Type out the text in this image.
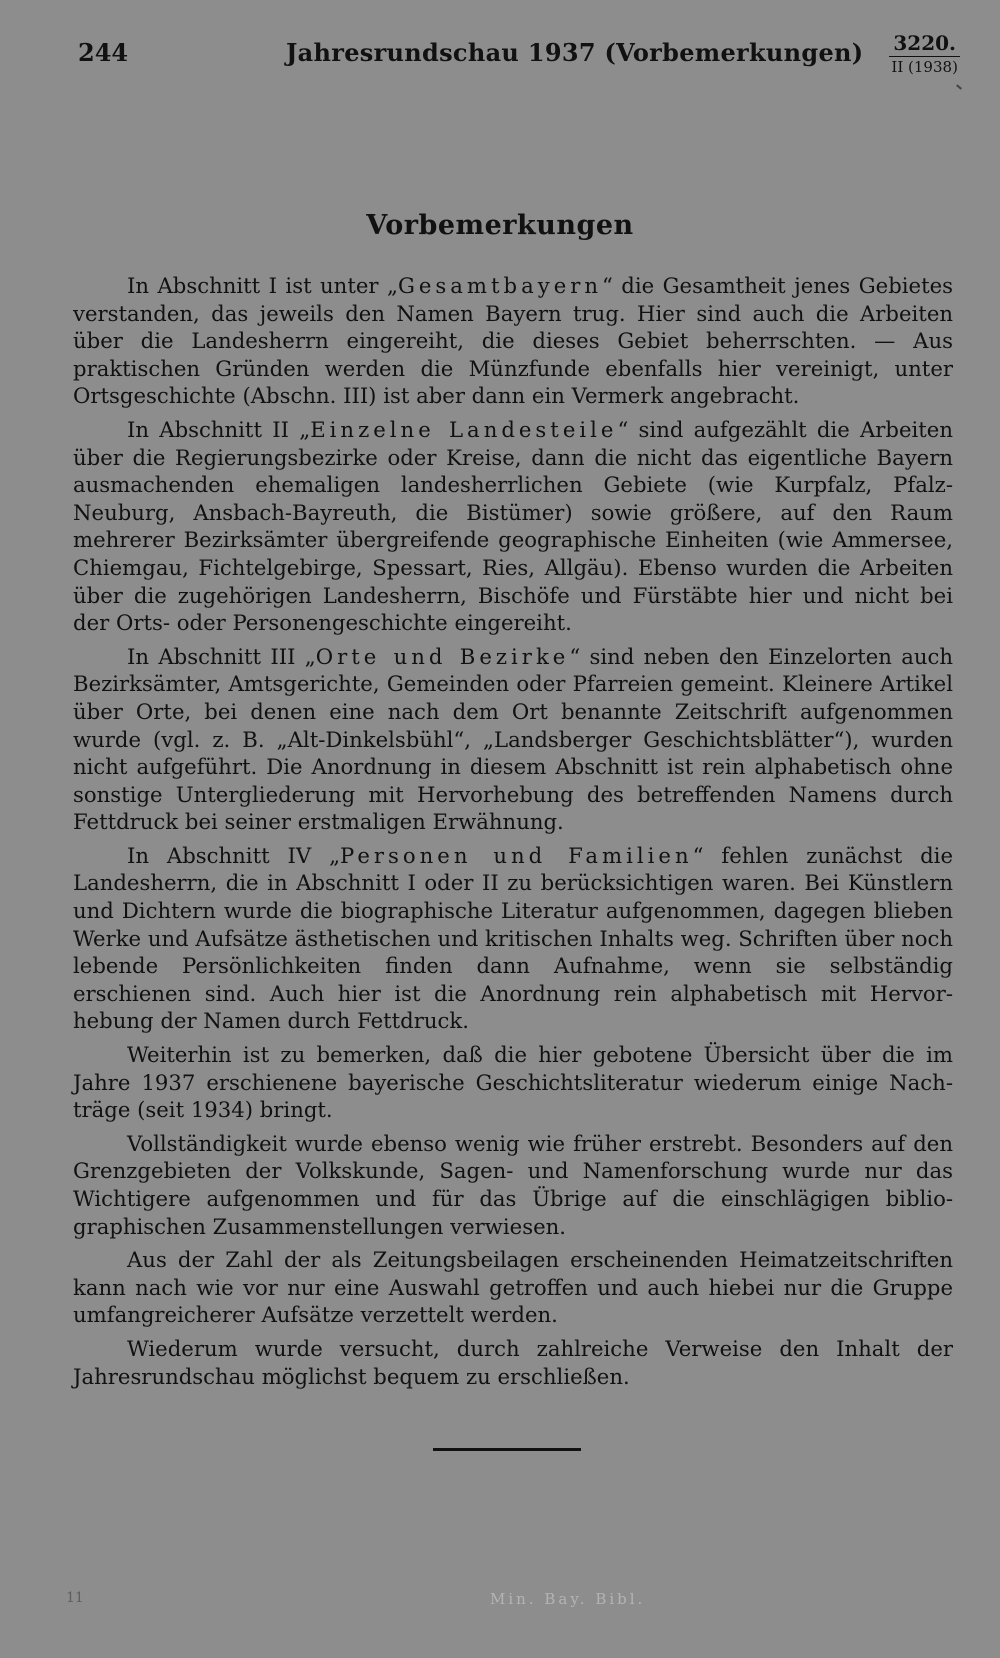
244	Jahresrundschau 1937 (Vorbemerkungen) 3220.
II (1938)
Vorbemerkungen

In Abschnitt I ist unter „Gesamtbayern“ die Gesamtheit jenes Gebietes verstanden, das jeweils den Namen Bayern trug. Hier sind auch die Arbeiten über die Landesherrn eingereiht, die dieses Gebiet beherrschten. — Aus praktischen Gründen werden die Münzfunde ebenfalls hier vereinigt, unter Ortsgeschichte (Abschn. III) ist aber dann ein Vermerk angebracht.

In Abschnitt II „Einzelne Landesteile“ sind aufgezählt die Arbeiten über die Regierungsbezirke oder Kreise, dann die nicht das eigentliche Bayern ausmachenden ehemaligen landesherrlichen Gebiete (wie Kurpfalz, Pfalz-Neuburg, Ansbach-Bayreuth, die Bistümer) sowie größere, auf den Raum mehrerer Bezirksämter übergreifende geographische Einheiten (wie Ammersee, Chiemgau, Fichtelgebirge, Spessart, Ries, Allgäu). Ebenso wurden die Arbeiten über die zugehörigen Landesherrn, Bischöfe und Fürstäbte hier und nicht bei der Orts- oder Personengeschichte eingereiht.

In Abschnitt III „Orte und Bezirke“ sind neben den Einzelorten auch Bezirksämter, Amtsgerichte, Gemeinden oder Pfarreien gemeint. Kleinere Artikel über Orte, bei denen eine nach dem Ort benannte Zeitschrift aufgenommen wurde (vgl. z. B. „Alt-Dinkelsbühl“, „Landsberger Geschichtsblätter“), wurden nicht aufgeführt. Die Anordnung in diesem Abschnitt ist rein alphabetisch ohne sonstige Untergliederung mit Hervorhebung des betreffenden Namens durch Fettdruck bei seiner erstmaligen Erwähnung.

In Abschnitt IV „Personen und Familien“ fehlen zunächst die Landesherrn, die in Abschnitt I oder II zu berücksichtigen waren. Bei Künstlern und Dichtern wurde die biographische Literatur aufgenommen, dagegen blieben Werke und Aufsätze ästhetischen und kritischen Inhalts weg. Schriften über noch lebende Persönlichkeiten finden dann Aufnahme, wenn sie selbständig erschienen sind. Auch hier ist die Anordnung rein alphabetisch mit Hervorhebung der Namen durch Fettdruck.

Weiterhin ist zu bemerken, daß die hier gebotene Übersicht über die im Jahre 1937 erschienene bayerische Geschichtsliteratur wiederum einige Nachträge (seit 1934) bringt.

Vollständigkeit wurde ebenso wenig wie früher erstrebt. Besonders auf den Grenzgebieten der Volkskunde, Sagen- und Namenforschung wurde nur das Wichtigere aufgenommen und für das Übrige auf die einschlägigen bibliographischen Zusammenstellungen verwiesen.

Aus der Zahl der als Zeitungsbeilagen erscheinenden Heimatzeitschriften kann nach wie vor nur eine Auswahl getroffen und auch hiebei nur die Gruppe umfangreicherer Aufsätze verzettelt werden.

Wiederum wurde versucht, durch zahlreiche Verweise den Inhalt der Jahresrundschau möglichst bequem zu erschließen.

11	Min. Bay. Bibl.
